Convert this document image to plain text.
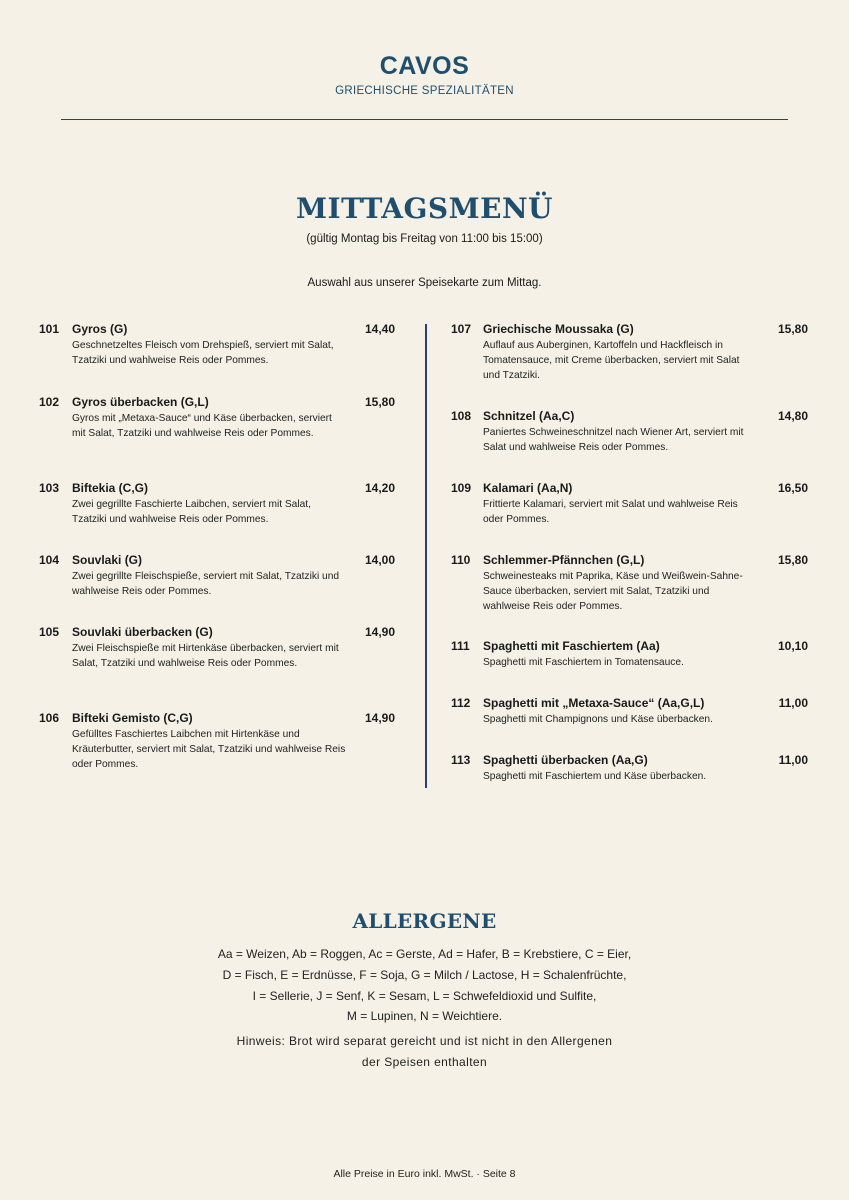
CAVOS
GRIECHISCHE SPEZIALITÄTEN
MITTAGSMENÜ
(gültig Montag bis Freitag von 11:00 bis 15:00)
Auswahl aus unserer Speisekarte zum Mittag.
101 Gyros (G)	14,40
Geschnetzeltes Fleisch vom Drehspieß, serviert mit Salat, Tzatziki und wahlweise Reis oder Pommes.
102 Gyros überbacken (G,L)	15,80
Gyros mit „Metaxa-Sauce“ und Käse überbacken, serviert mit Salat, Tzatziki und wahlweise Reis oder Pommes.
103 Biftekia (C,G)	14,20
Zwei gegrillte Faschierte Laibchen, serviert mit Salat, Tzatziki und wahlweise Reis oder Pommes.
104 Souvlaki (G)	14,00
Zwei gegrillte Fleischspieße, serviert mit Salat, Tzatziki und wahlweise Reis oder Pommes.
105 Souvlaki überbacken (G)	14,90
Zwei Fleischspieße mit Hirtenkäse überbacken, serviert mit Salat, Tzatziki und wahlweise Reis oder Pommes.
106 Bifteki Gemisto (C,G)	14,90
Gefülltes Faschiertes Laibchen mit Hirtenkäse und Kräuterbutter, serviert mit Salat, Tzatziki und wahlweise Reis oder Pommes.
107 Griechische Moussaka (G)	15,80
Auflauf aus Auberginen, Kartoffeln und Hackfleisch in Tomatensauce, mit Creme überbacken, serviert mit Salat und Tzatziki.
108 Schnitzel (Aa,C)	14,80
Paniertes Schweineschnitzel nach Wiener Art, serviert mit Salat und wahlweise Reis oder Pommes.
109 Kalamari (Aa,N)	16,50
Frittierte Kalamari, serviert mit Salat und wahlweise Reis oder Pommes.
110 Schlemmer-Pfännchen (G,L)	15,80
Schweinesteaks mit Paprika, Käse und Weißwein-Sahne-Sauce überbacken, serviert mit Salat, Tzatziki und wahlweise Reis oder Pommes.
111 Spaghetti mit Faschiertem (Aa)	10,10
Spaghetti mit Faschiertem in Tomatensauce.
112 Spaghetti mit „Metaxa-Sauce“ (Aa,G,L)	11,00
Spaghetti mit Champignons und Käse überbacken.
113 Spaghetti überbacken (Aa,G)	11,00
Spaghetti mit Faschiertem und Käse überbacken.
ALLERGENE
Aa = Weizen, Ab = Roggen, Ac = Gerste, Ad = Hafer, B = Krebstiere, C = Eier,
D = Fisch, E = Erdnüsse, F = Soja, G = Milch / Lactose, H = Schalenfrüchte,
I = Sellerie, J = Senf, K = Sesam, L = Schwefeldioxid und Sulfite,
M = Lupinen, N = Weichtiere.
Hinweis: Brot wird separat gereicht und ist nicht in den Allergenen
der Speisen enthalten
Alle Preise in Euro inkl. MwSt. · Seite 8
